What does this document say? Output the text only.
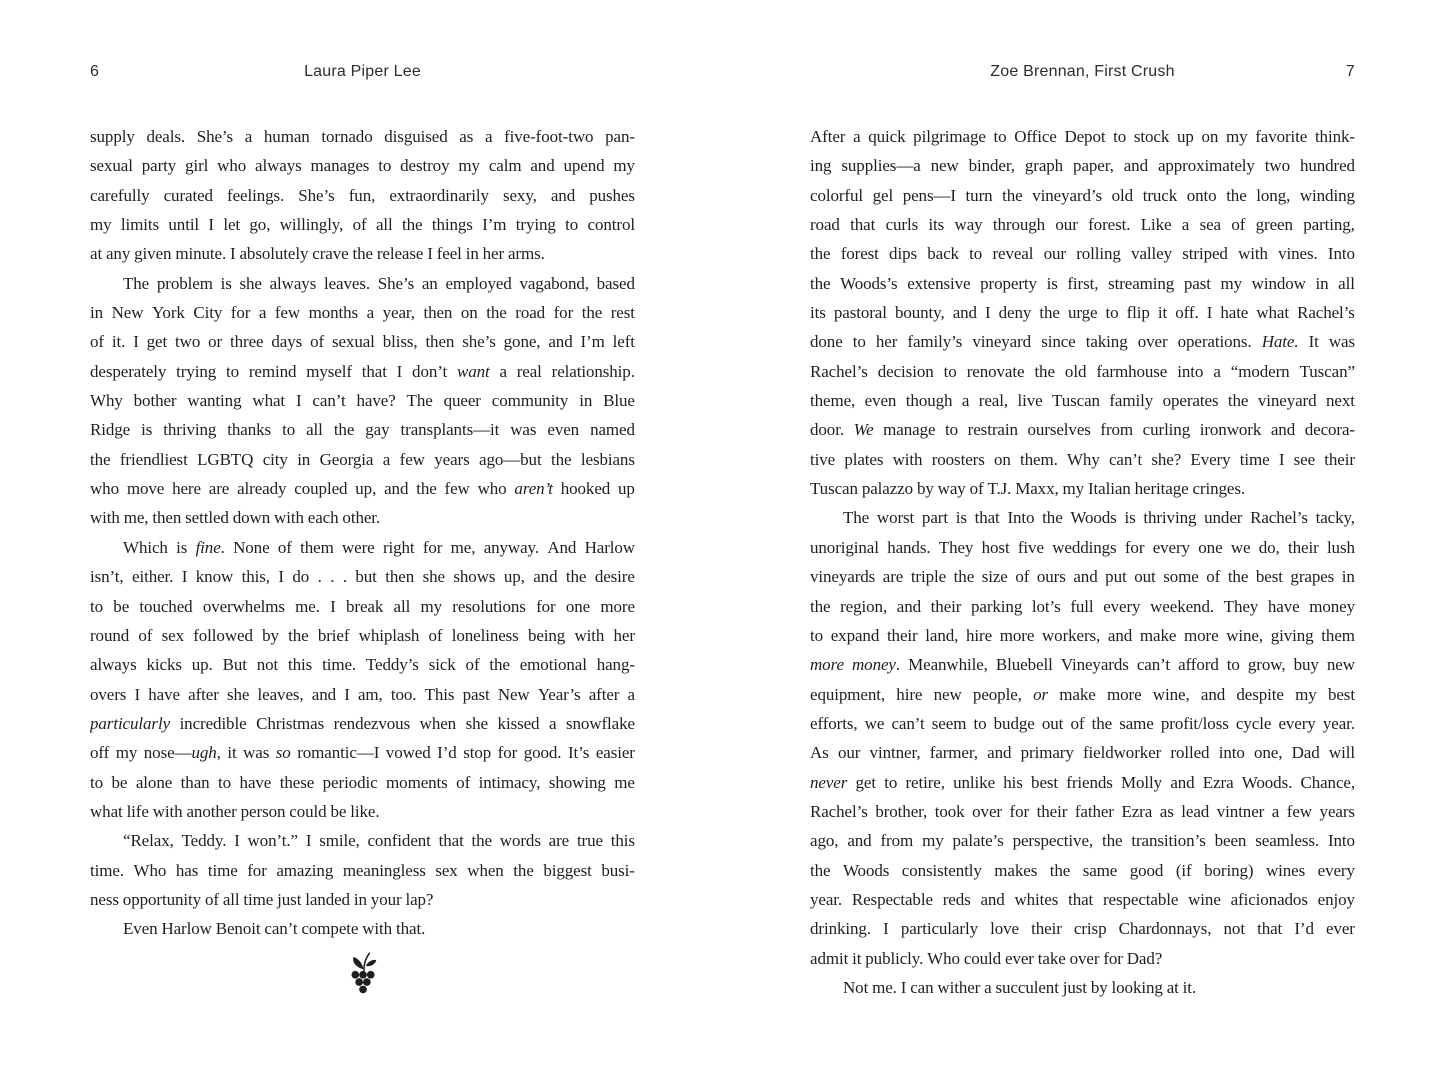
6	Laura Piper Lee
supply deals. She’s a human tornado disguised as a five-foot-two pan-
sexual party girl who always manages to destroy my calm and upend my
carefully curated feelings. She’s fun, extraordinarily sexy, and pushes
my limits until I let go, willingly, of all the things I’m trying to control
at any given minute. I absolutely crave the release I feel in her arms.
The problem is she always leaves. She’s an employed vagabond, based
in New York City for a few months a year, then on the road for the rest
of it. I get two or three days of sexual bliss, then she’s gone, and I’m left
desperately trying to remind myself that I don’t want a real relationship.
Why bother wanting what I can’t have? The queer community in Blue
Ridge is thriving thanks to all the gay transplants—it was even named
the friendliest LGBTQ city in Georgia a few years ago—but the lesbians
who move here are already coupled up, and the few who aren’t hooked up
with me, then settled down with each other.
Which is fine. None of them were right for me, anyway. And Harlow
isn’t, either. I know this, I do . . . but then she shows up, and the desire
to be touched overwhelms me. I break all my resolutions for one more
round of sex followed by the brief whiplash of loneliness being with her
always kicks up. But not this time. Teddy’s sick of the emotional hang-
overs I have after she leaves, and I am, too. This past New Year’s after a
particularly incredible Christmas rendezvous when she kissed a snowflake
off my nose—ugh, it was so romantic—I vowed I’d stop for good. It’s easier
to be alone than to have these periodic moments of intimacy, showing me
what life with another person could be like.
“Relax, Teddy. I won’t.” I smile, confident that the words are true this
time. Who has time for amazing meaningless sex when the biggest busi-
ness opportunity of all time just landed in your lap?
Even Harlow Benoit can’t compete with that.
Zoe Brennan, First Crush	7
After a quick pilgrimage to Office Depot to stock up on my favorite think-
ing supplies—a new binder, graph paper, and approximately two hundred
colorful gel pens—I turn the vineyard’s old truck onto the long, winding
road that curls its way through our forest. Like a sea of green parting,
the forest dips back to reveal our rolling valley striped with vines. Into
the Woods’s extensive property is first, streaming past my window in all
its pastoral bounty, and I deny the urge to flip it off. I hate what Rachel’s
done to her family’s vineyard since taking over operations. Hate. It was
Rachel’s decision to renovate the old farmhouse into a “modern Tuscan”
theme, even though a real, live Tuscan family operates the vineyard next
door. We manage to restrain ourselves from curling ironwork and decora-
tive plates with roosters on them. Why can’t she? Every time I see their
Tuscan palazzo by way of T.J. Maxx, my Italian heritage cringes.
The worst part is that Into the Woods is thriving under Rachel’s tacky,
unoriginal hands. They host five weddings for every one we do, their lush
vineyards are triple the size of ours and put out some of the best grapes in
the region, and their parking lot’s full every weekend. They have money
to expand their land, hire more workers, and make more wine, giving them
more money. Meanwhile, Bluebell Vineyards can’t afford to grow, buy new
equipment, hire new people, or make more wine, and despite my best
efforts, we can’t seem to budge out of the same profit/loss cycle every year.
As our vintner, farmer, and primary fieldworker rolled into one, Dad will
never get to retire, unlike his best friends Molly and Ezra Woods. Chance,
Rachel’s brother, took over for their father Ezra as lead vintner a few years
ago, and from my palate’s perspective, the transition’s been seamless. Into
the Woods consistently makes the same good (if boring) wines every
year. Respectable reds and whites that respectable wine aficionados enjoy
drinking. I particularly love their crisp Chardonnays, not that I’d ever
admit it publicly. Who could ever take over for Dad?
Not me. I can wither a succulent just by looking at it.
